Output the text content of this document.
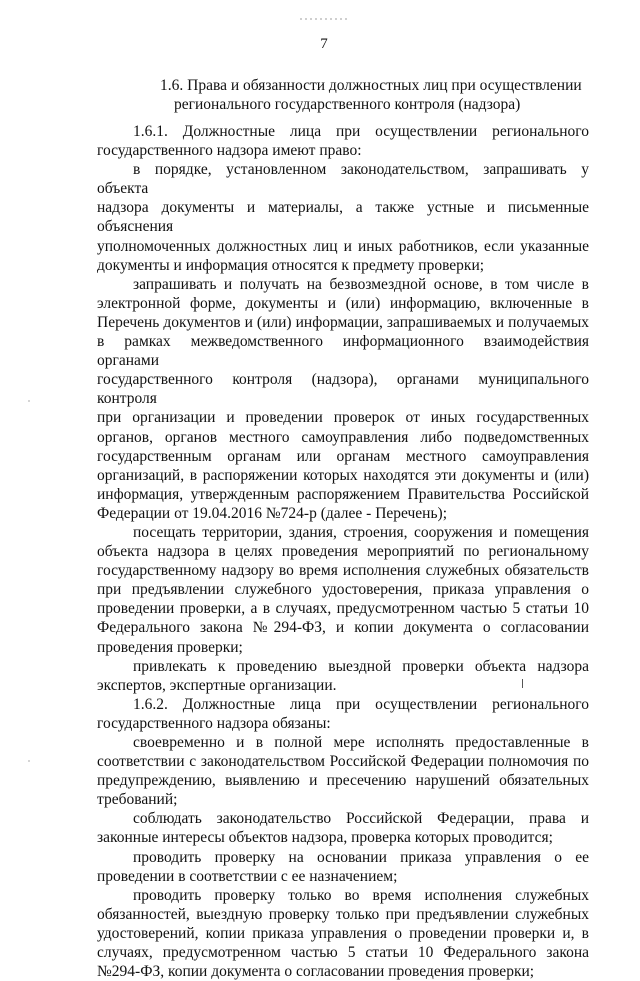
7
1.6. Права и обязанности должностных лиц при осуществлении
регионального государственного контроля (надзора)
1.6.1. Должностные лица при осуществлении регионального
государственного надзора имеют право:
в порядке, установленном законодательством, запрашивать у объекта
надзора документы и материалы, а также устные и письменные объяснения
уполномоченных должностных лиц и иных работников, если указанные
документы и информация относятся к предмету проверки;
запрашивать и получать на безвозмездной основе, в том числе в
электронной форме, документы и (или) информацию, включенные в
Перечень документов и (или) информации, запрашиваемых и получаемых
в рамках межведомственного информационного взаимодействия органами
государственного контроля (надзора), органами муниципального контроля
при организации и проведении проверок от иных государственных
органов, органов местного самоуправления либо подведомственных
государственным органам или органам местного самоуправления
организаций, в распоряжении которых находятся эти документы и (или)
информация, утвержденным распоряжением Правительства Российской
Федерации от 19.04.2016 №724-р (далее - Перечень);
посещать территории, здания, строения, сооружения и помещения
объекта надзора в целях проведения мероприятий по региональному
государственному надзору во время исполнения служебных обязательств
при предъявлении служебного удостоверения, приказа управления о
проведении проверки, а в случаях, предусмотренном частью 5 статьи 10
Федерального закона №294-ФЗ, и копии документа о согласовании
проведения проверки;
привлекать к проведению выездной проверки объекта надзора
экспертов, экспертные организации.
1.6.2. Должностные лица при осуществлении регионального
государственного надзора обязаны:
своевременно и в полной мере исполнять предоставленные в
соответствии с законодательством Российской Федерации полномочия по
предупреждению, выявлению и пресечению нарушений обязательных
требований;
соблюдать законодательство Российской Федерации, права и
законные интересы объектов надзора, проверка которых проводится;
проводить проверку на основании приказа управления о ее
проведении в соответствии с ее назначением;
проводить проверку только во время исполнения служебных
обязанностей, выездную проверку только при предъявлении служебных
удостоверений, копии приказа управления о проведении проверки и, в
случаях, предусмотренном частью 5 статьи 10 Федерального закона
№294-ФЗ, копии документа о согласовании проведения проверки;
